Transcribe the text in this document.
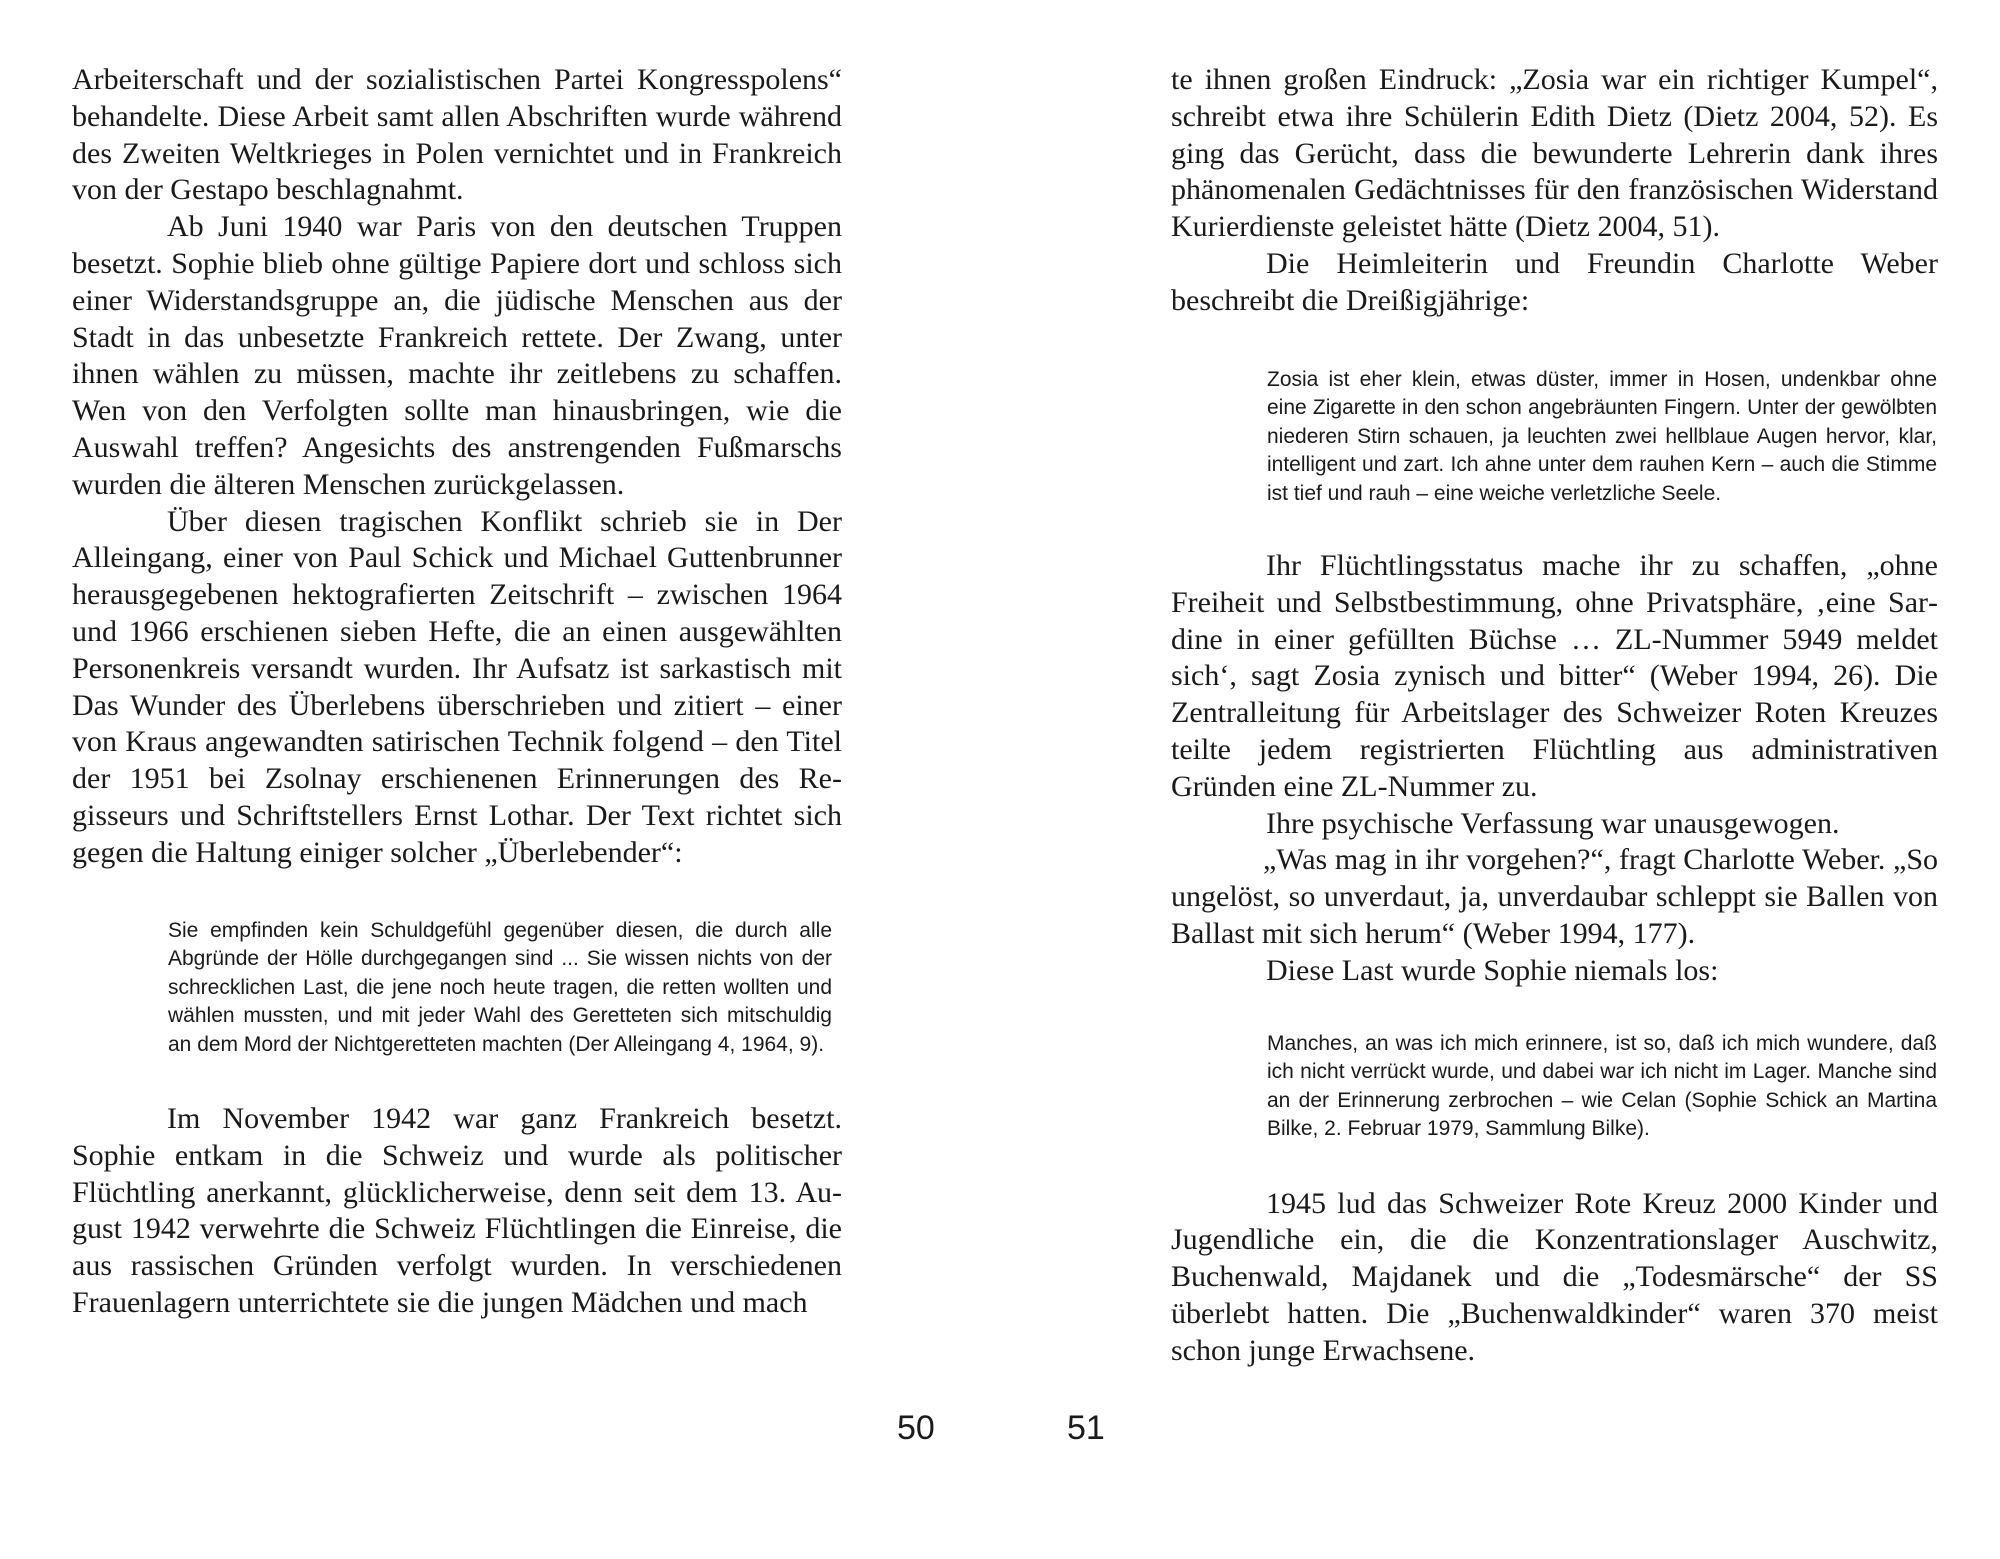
Arbeiterschaft und der sozialistischen Partei Kongresspolens“ behandelte. Diese Arbeit samt allen Abschriften wurde während des Zweiten Weltkrieges in Polen vernichtet und in Frankreich von der Gestapo beschlagnahmt.

Ab Juni 1940 war Paris von den deutschen Truppen besetzt. Sophie blieb ohne gültige Papiere dort und schloss sich einer Widerstandsgruppe an, die jüdische Menschen aus der Stadt in das unbesetzte Frankreich rettete. Der Zwang, unter ihnen wählen zu müssen, machte ihr zeitlebens zu schaffen. Wen von den Verfolgten sollte man hinausbringen, wie die Auswahl treffen? Angesichts des anstrengenden Fußmarschs wurden die älteren Menschen zurückgelassen.

Über diesen tragischen Konflikt schrieb sie in Der Alleingang, einer von Paul Schick und Michael Guttenbrunner herausgegebenen hektografierten Zeitschrift – zwischen 1964 und 1966 erschienen sieben Hefte, die an einen ausgewählten Personenkreis versandt wurden. Ihr Aufsatz ist sarkastisch mit Das Wunder des Überlebens überschrieben und zitiert – einer von Kraus angewandten satirischen Technik folgend – den Titel der 1951 bei Zsolnay erschienenen Erinnerungen des Regisseurs und Schriftstellers Ernst Lothar. Der Text richtet sich gegen die Haltung einiger solcher „Überlebender“:

Sie empfinden kein Schuldgefühl gegenüber diesen, die durch alle Abgründe der Hölle durchgegangen sind ... Sie wissen nichts von der schrecklichen Last, die jene noch heute tragen, die retten wollten und wählen mussten, und mit jeder Wahl des Geretteten sich mitschuldig an dem Mord der Nichtgeretteten machten (Der Alleingang 4, 1964, 9).

Im November 1942 war ganz Frankreich besetzt. Sophie entkam in die Schweiz und wurde als politischer Flüchtling anerkannt, glücklicherweise, denn seit dem 13. August 1942 verwehrte die Schweiz Flüchtlingen die Einreise, die aus rassischen Gründen verfolgt wurden. In verschiedenen Frauenlagern unterrichtete sie die jungen Mädchen und mach

te ihnen großen Eindruck: „Zosia war ein richtiger Kumpel“, schreibt etwa ihre Schülerin Edith Dietz (Dietz 2004, 52). Es ging das Gerücht, dass die bewunderte Lehrerin dank ihres phänomenalen Gedächtnisses für den französischen Widerstand Kurierdienste geleistet hätte (Dietz 2004, 51).

Die Heimleiterin und Freundin Charlotte Weber beschreibt die Dreißigjährige:

Zosia ist eher klein, etwas düster, immer in Hosen, undenkbar ohne eine Zigarette in den schon angebräunten Fingern. Unter der gewölbten niederen Stirn schauen, ja leuchten zwei hellblaue Augen hervor, klar, intelligent und zart. Ich ahne unter dem rauhen Kern – auch die Stimme ist tief und rauh – eine weiche verletzliche Seele.

Ihr Flüchtlingsstatus mache ihr zu schaffen, „ohne Freiheit und Selbstbestimmung, ohne Privatsphäre, ‚eine Sardine in einer gefüllten Büchse … ZL-Nummer 5949 meldet sich‘, sagt Zosia zynisch und bitter“ (Weber 1994, 26). Die Zentralleitung für Arbeitslager des Schweizer Roten Kreuzes teilte jedem registrierten Flüchtling aus administrativen Gründen eine ZL-Nummer zu.

Ihre psychische Verfassung war unausgewogen.

„Was mag in ihr vorgehen?“, fragt Charlotte Weber. „So ungelöst, so unverdaut, ja, unverdaubar schleppt sie Ballen von Ballast mit sich herum“ (Weber 1994, 177).

Diese Last wurde Sophie niemals los:

Manches, an was ich mich erinnere, ist so, daß ich mich wundere, daß ich nicht verrückt wurde, und dabei war ich nicht im Lager. Manche sind an der Erinnerung zerbrochen – wie Celan (Sophie Schick an Martina Bilke, 2. Februar 1979, Sammlung Bilke).

1945 lud das Schweizer Rote Kreuz 2000 Kinder und Jugendliche ein, die die Konzentrationslager Auschwitz, Buchenwald, Majdanek und die „Todesmärsche“ der SS überlebt hatten. Die „Buchenwaldkinder“ waren 370 meist schon junge Erwachsene.

50	51
